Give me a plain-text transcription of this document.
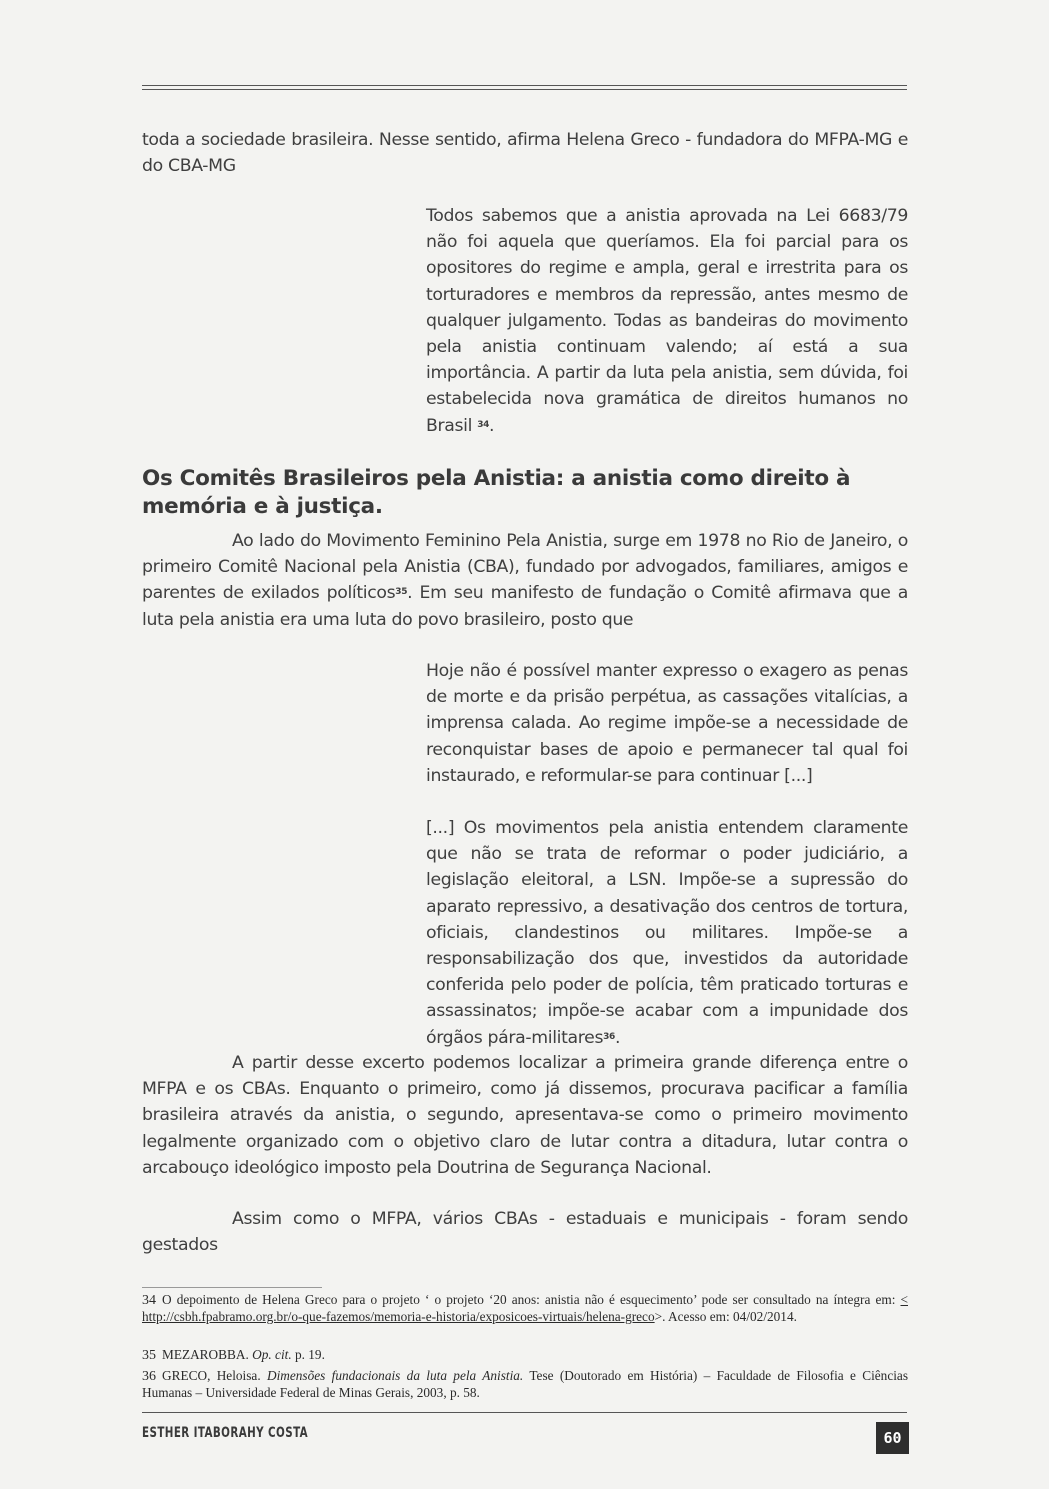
toda a sociedade brasileira. Nesse sentido, afirma Helena Greco - fundadora do MFPA-MG e do CBA-MG

Todos sabemos que a anistia aprovada na Lei 6683/79 não foi aquela que queríamos. Ela foi parcial para os opositores do regime e ampla, geral e irrestrita para os torturadores e membros da repressão, antes mesmo de qualquer julgamento. Todas as bandeiras do movimento pela anistia continuam valendo; aí está a sua importância. A partir da luta pela anistia, sem dúvida, foi estabelecida nova gramática de direitos humanos no Brasil $^{34}$.

Os Comitês Brasileiros pela Anistia: a anistia como direito à memória e à justiça.

Ao lado do Movimento Feminino Pela Anistia, surge em 1978 no Rio de Janeiro, o primeiro Comitê Nacional pela Anistia (CBA), fundado por advogados, familiares, amigos e parentes de exilados políticos$^{35}$. Em seu manifesto de fundação o Comitê afirmava que a luta pela anistia era uma luta do povo brasileiro, posto que

Hoje não é possível manter expresso o exagero as penas de morte e da prisão perpétua, as cassações vitalícias, a imprensa calada. Ao regime impõe-se a necessidade de reconquistar bases de apoio e permanecer tal qual foi instaurado, e reformular-se para continuar [...]

[...] Os movimentos pela anistia entendem claramente que não se trata de reformar o poder judiciário, a legislação eleitoral, a LSN. Impõe-se a supressão do aparato repressivo, a desativação dos centros de tortura, oficiais, clandestinos ou militares. Impõe-se a responsabilização dos que, investidos da autoridade conferida pelo poder de polícia, têm praticado torturas e assassinatos; impõe-se acabar com a impunidade dos órgãos pára-militares$^{36}$.

A partir desse excerto podemos localizar a primeira grande diferença entre o MFPA e os CBAs. Enquanto o primeiro, como já dissemos, procurava pacificar a família brasileira através da anistia, o segundo, apresentava-se como o primeiro movimento legalmente organizado com o objetivo claro de lutar contra a ditadura, lutar contra o arcabouço ideológico imposto pela Doutrina de Segurança Nacional.

Assim como o MFPA, vários CBAs - estaduais e municipais - foram sendo gestados

34 O depoimento de Helena Greco para o projeto ‘ o projeto ‘20 anos: anistia não é esquecimento’ pode ser consultado na íntegra em: < http://csbh.fpabramo.org.br/o-que-fazemos/memoria-e-historia/exposicoes-virtuais/helena-greco>. Acesso em: 04/02/2014.

35 MEZAROBBA. Op. cit. p. 19.

36 GRECO, Heloisa. Dimensões fundacionais da luta pela Anistia. Tese (Doutorado em História) – Faculdade de Filosofia e Ciências Humanas – Universidade Federal de Minas Gerais, 2003, p. 58.

ESTHER ITABORAHY COSTA	60
